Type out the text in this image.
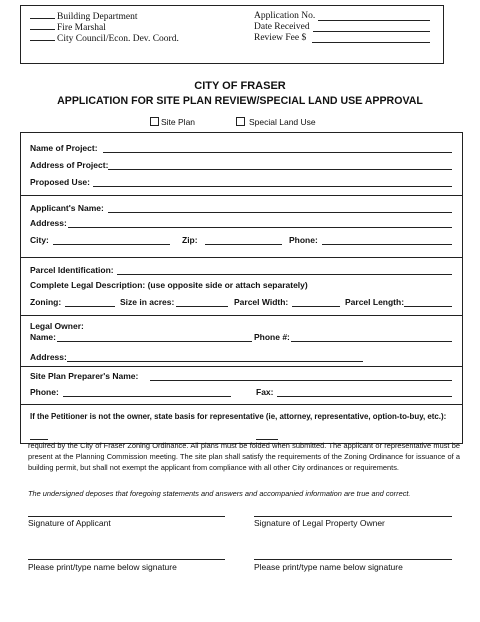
Building Department
Fire Marshal
City Council/Econ. Dev. Coord.
Application No.
Date Received
Review Fee $
CITY OF FRASER
APPLICATION FOR SITE PLAN REVIEW/SPECIAL LAND USE APPROVAL
Site Plan	Special Land Use
Name of Project:
Address of Project:
Proposed Use:
Applicant's Name:
Address:
City:	Zip:	Phone:
Parcel Identification:
Complete Legal Description: (use opposite side or attach separately)
Zoning:	Size in acres:	Parcel Width:	Parcel Length:
Legal Owner:
Name:	Phone #:
Address:
Site Plan Preparer's Name:
Phone:	Fax:
If the Petitioner is not the owner, state basis for representative (ie, attorney, representative, option-to-buy, etc.):
required by the City of Fraser Zoning Ordinance. All plans must be folded when submitted. The applicant or representative must be present at the Planning Commission meeting. The site plan shall satisfy the requirements of the Zoning Ordinance for issuance of a building permit, but shall not exempt the applicant from compliance with all other City ordinances or requirements.
The undersigned deposes that foregoing statements and answers and accompanied information are true and correct.
Signature of Applicant	Signature of Legal Property Owner
Please print/type name below signature	Please print/type name below signature
